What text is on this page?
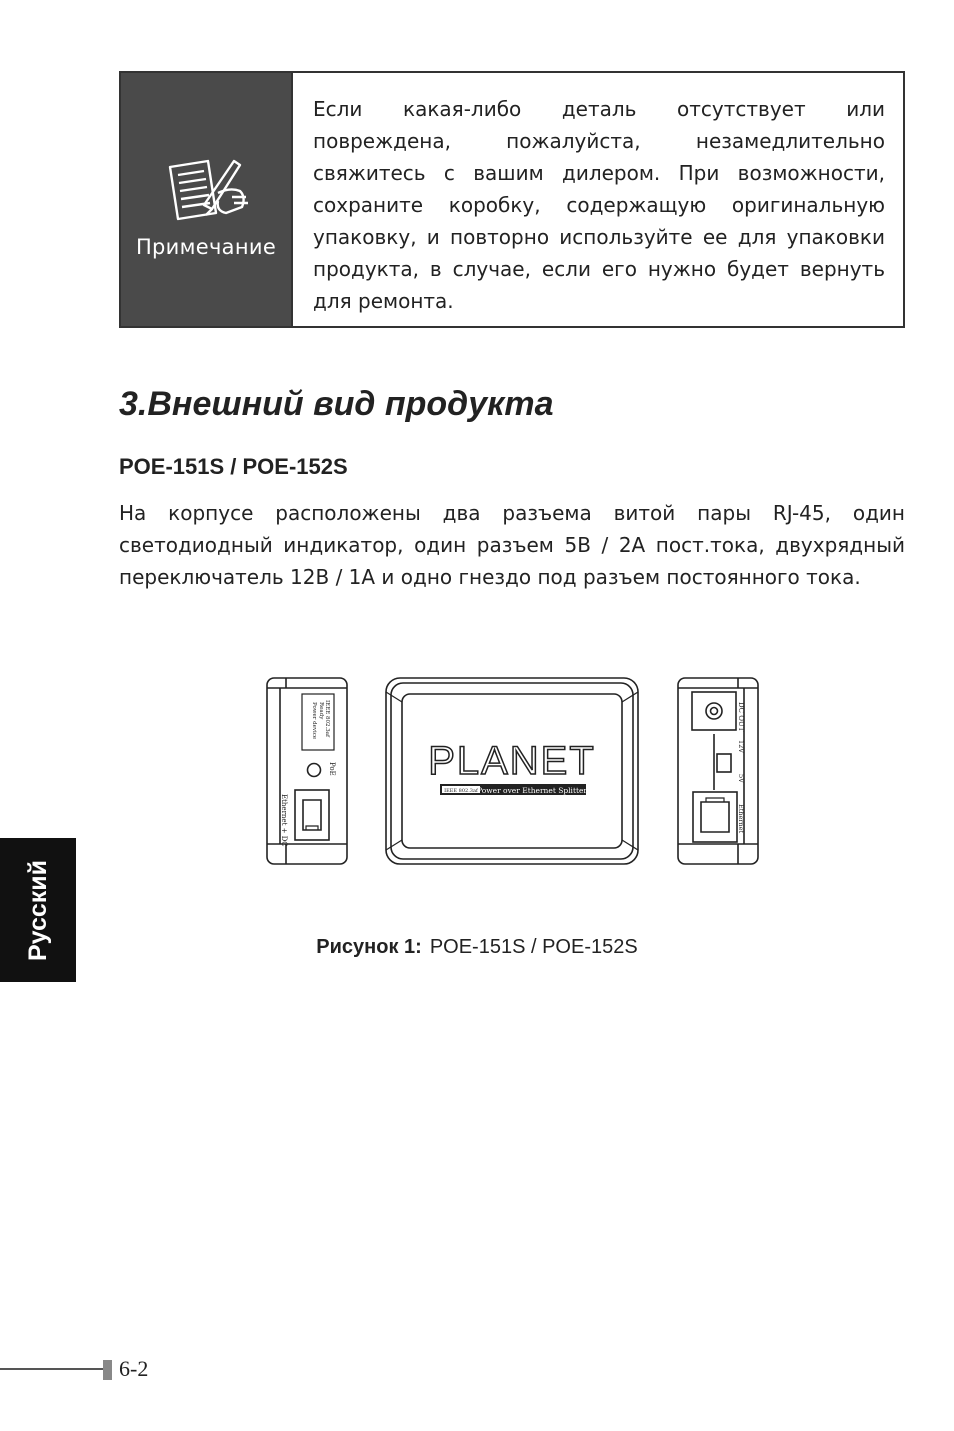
Примечание
Если какая-либо деталь отсутствует или повреждена, пожалуйста, незамедлительно свяжитесь с вашим дилером. При возможности, сохраните коробку, содержащую оригинальную упаковку, и повторно используйте ее для упаковки продукта, в случае, если его нужно будет вернуть для ремонта.
3.Внешний вид продукта
POE-151S / POE-152S

На корпусе расположены два разъема витой пары RJ-45, один светодиодный индикатор, один разъем 5В / 2А пост.тока, двухрядный переключатель 12В / 1А и одно гнездо под разъем постоянного тока.

IEEE 802.3af
Ready
Power device
PoE
Ethernet + DC
PLANET
IEEE 802.3af Power over Ethernet Splitter
DC OUT
12V
5V
Ethernet
Рисунок 1: POE-151S / POE-152S
Русский
6-2
